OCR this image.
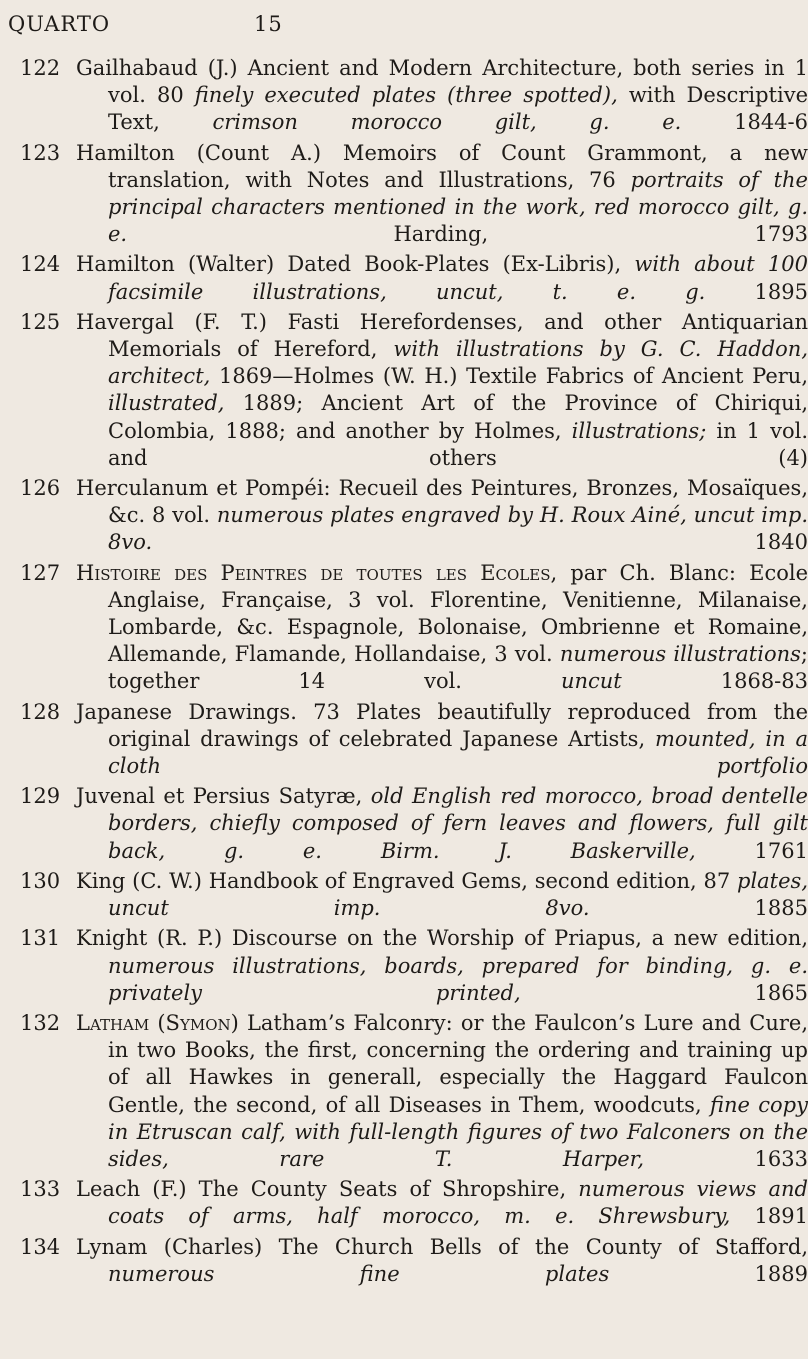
QUARTO	15
122 Gailhabaud (J.) Ancient and Modern Architecture, both series in 1 vol. 80 finely executed plates (three spotted), with Descriptive Text, crimson morocco gilt, g. e. 1844-6
123 Hamilton (Count A.) Memoirs of Count Grammont, a new translation, with Notes and Illustrations, 76 portraits of the principal characters mentioned in the work, red morocco gilt, g. e. Harding, 1793
124 Hamilton (Walter) Dated Book-Plates (Ex-Libris), with about 100 facsimile illustrations, uncut, t. e. g. 1895
125 Havergal (F. T.) Fasti Herefordenses, and other Antiquarian Memorials of Hereford, with illustrations by G. C. Haddon, architect, 1869—Holmes (W. H.) Textile Fabrics of Ancient Peru, illustrated, 1889; Ancient Art of the Province of Chiriqui, Colombia, 1888; and another by Holmes, illustrations; in 1 vol. and others (4)
126 Herculanum et Pompéi: Recueil des Peintures, Bronzes, Mosaïques, &c. 8 vol. numerous plates engraved by H. Roux Ainé, uncut imp. 8vo. 1840
127 Histoire des Peintres de toutes les Ecoles, par Ch. Blanc: Ecole Anglaise, Française, 3 vol. Florentine, Venitienne, Milanaise, Lombarde, &c. Espagnole, Bolonaise, Ombrienne et Romaine, Allemande, Flamande, Hollandaise, 3 vol. numerous illustrations; together 14 vol. uncut 1868-83
128 Japanese Drawings. 73 Plates beautifully reproduced from the original drawings of celebrated Japanese Artists, mounted, in a cloth portfolio
129 Juvenal et Persius Satyræ, old English red morocco, broad dentelle borders, chiefly composed of fern leaves and flowers, full gilt back, g. e.	Birm. J. Baskerville, 1761
130 King (C. W.) Handbook of Engraved Gems, second edition, 87 plates, uncut	imp. 8vo. 1885
131 Knight (R. P.) Discourse on the Worship of Priapus, a new edition, numerous illustrations, boards, prepared for binding, g. e. privately printed, 1865
132 Latham (Symon) Latham’s Falconry: or the Faulcon’s Lure and Cure, in two Books, the first, concerning the ordering and training up of all Hawkes in generall, especially the Haggard Faulcon Gentle, the second, of all Diseases in Them, woodcuts, fine copy in Etruscan calf, with full-length figures of two Falconers on the sides, rare	T. Harper, 1633
133 Leach (F.) The County Seats of Shropshire, numerous views and coats of arms, half morocco, m. e. Shrewsbury, 1891
134 Lynam (Charles) The Church Bells of the County of Stafford, numerous fine plates 1889
